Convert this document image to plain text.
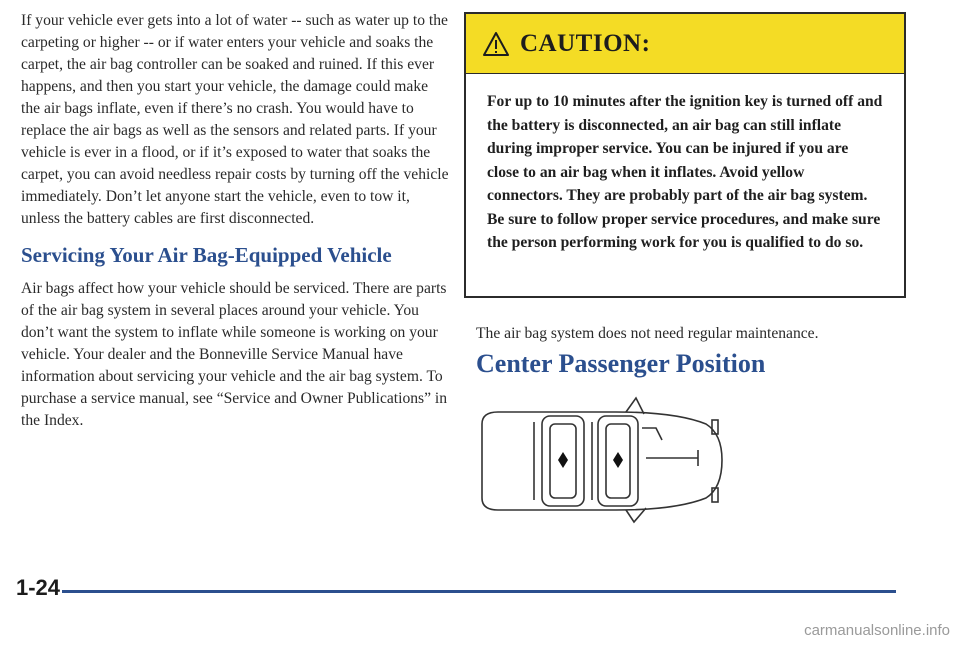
If your vehicle ever gets into a lot of water -- such as water up to the carpeting or higher -- or if water enters your vehicle and soaks the carpet, the air bag controller can be soaked and ruined. If this ever happens, and then you start your vehicle, the damage could make the air bags inflate, even if there’s no crash. You would have to replace the air bags as well as the sensors and related parts. If your vehicle is ever in a flood, or if it’s exposed to water that soaks the carpet, you can avoid needless repair costs by turning off the vehicle immediately. Don’t let anyone start the vehicle, even to tow it, unless the battery cables are first disconnected.

Servicing Your Air Bag-Equipped Vehicle

Air bags affect how your vehicle should be serviced. There are parts of the air bag system in several places around your vehicle. You don’t want the system to inflate while someone is working on your vehicle. Your dealer and the Bonneville Service Manual have information about servicing your vehicle and the air bag system. To purchase a service manual, see “Service and Owner Publications” in the Index.

CAUTION:
For up to 10 minutes after the ignition key is turned off and the battery is disconnected, an air bag can still inflate during improper service. You can be injured if you are close to an air bag when it inflates. Avoid yellow connectors. They are probably part of the air bag system. Be sure to follow proper service procedures, and make sure the person performing work for you is qualified to do so.
The air bag system does not need regular maintenance.
Center Passenger Position
1-24
carmanualsonline.info
